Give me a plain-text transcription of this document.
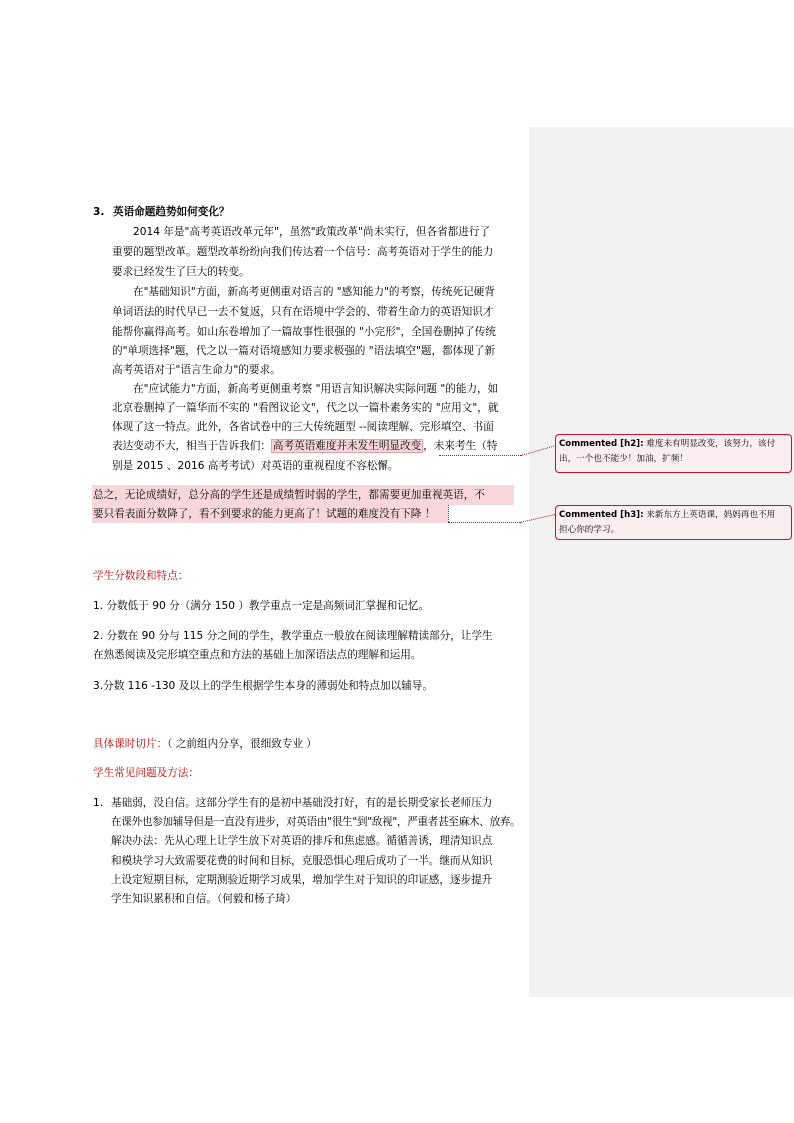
3. 英语命题趋势如何变化？
2014 年是"高考英语改革元年"，虽然"政策改革"尚未实行，但各省都进行了
重要的题型改革。题型改革纷纷向我们传达着一个信号：高考英语对于学生的能力
要求已经发生了巨大的转变。
在"基础知识"方面，新高考更侧重对语言的 "感知能力"的考察，传统死记硬背
单词语法的时代早已一去不复返，只有在语境中学会的、带着生命力的英语知识才
能帮你赢得高考。如山东卷增加了一篇故事性很强的 "小完形"，全国卷删掉了传统
的"单项选择"题，代之以一篇对语境感知力要求极强的 "语法填空"题，都体现了新
高考英语对于"语言生命力"的要求。
在"应试能力"方面，新高考更侧重考察 "用语言知识解决实际问题 "的能力，如
北京卷删掉了一篇华而不实的 "看图议论文"，代之以一篇朴素务实的 "应用文"，就
体现了这一特点。此外，各省试卷中的三大传统题型 --阅读理解、完形填空、书面
表达变动不大，相当于告诉我们： 高考英语难度并未发生明显改变 ，未来考生（特
别是 2015 、2016 高考考试）对英语的重视程度不容松懈。
总之，无论成绩好，总分高的学生还是成绩暂时弱的学生，都需要更加重视英语，不
要只看表面分数降了，看不到要求的能力更高了！试题的难度没有下降 ！
Commented [h2]: 难度未有明显改变，该努力，该付
出，一个也不能少！加油，扩频！
Commented [h3]: 来新东方上英语课，妈妈再也不用
担心你的学习。
学生分数段和特点：
1. 分数低于 90 分（满分 150 ）教学重点一定是高频词汇掌握和记忆。
2. 分数在 90 分与 115 分之间的学生，教学重点一般放在阅读理解精读部分，让学生
在熟悉阅读及完形填空重点和方法的基础上加深语法点的理解和运用。
3.分数 116 -130 及以上的学生根据学生本身的薄弱处和特点加以辅导。
具体课时切片：（ 之前组内分享，很细致专业 ）
学生常见问题及方法：
1. 基础弱，没自信。这部分学生有的是初中基础没打好，有的是长期受家长老师压力
在课外也参加辅导但是一直没有进步，对英语由"很生"到"敌视"，严重者甚至麻木、放弃。
解决办法：先从心理上让学生放下对英语的排斥和焦虑感。循循善诱，理清知识点
和模块学习大致需要花费的时间和目标，克服恐惧心理后成功了一半。继而从知识
上设定短期目标，定期测验近期学习成果，增加学生对于知识的印证感，逐步提升
学生知识累积和自信。（何毅和杨子琦）
